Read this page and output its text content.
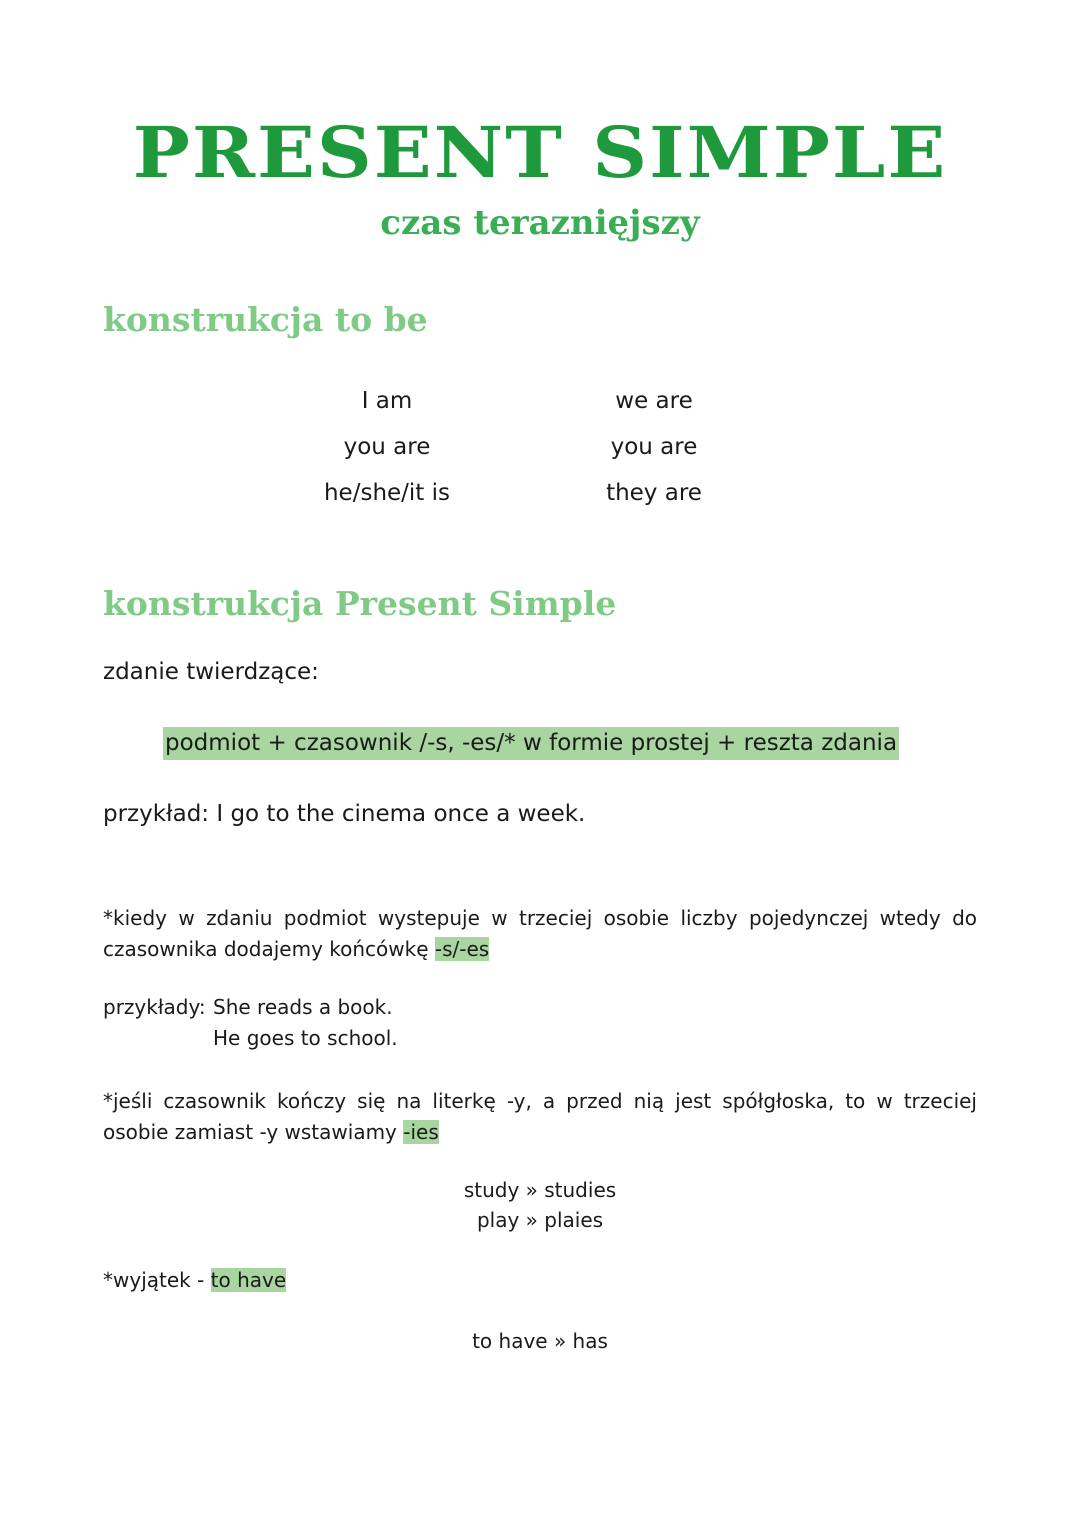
PRESENT SIMPLE
czas teraznięjszy
konstrukcja to be
I am
you are
he/she/it is
we are
you are
they are
konstrukcja Present Simple
zdanie twierdzące:
podmiot + czasownik /-s, -es/* w formie prostej + reszta zdania
przykład: I go to the cinema once a week.
*kiedy w zdaniu podmiot wystepuje w trzeciej osobie liczby pojedynczej wtedy do czasownika dodajemy końcówkę -s/-es
przykłady: She reads a book.
He goes to school.
*jeśli czasownik kończy się na literkę -y, a przed nią jest spółgłoska, to w trzeciej osobie zamiast -y wstawiamy -ies
study » studies
play » plaies
*wyjątek - to have
to have » has
